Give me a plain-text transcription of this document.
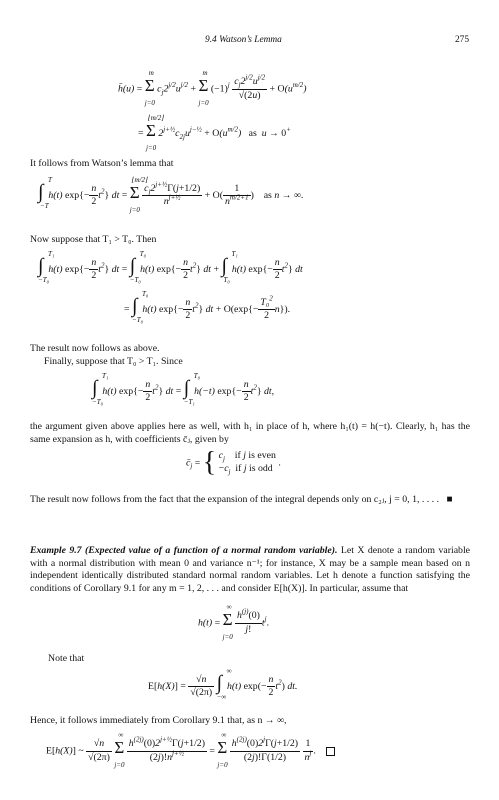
9.4 Watson’s Lemma	275
h̄(u) =
m
Σ
j=0
$c_j2^{j/2}u^{j/2}$ +
m
Σ
j=0
$(-1)^j \frac{c_j2^{j/2}u^{j/2}}{√(2u)} + O(u^{m/2})$
=
⌊m/2⌋
Σ
j=0
$2^{j+\frac{1}{2}}c_{2j}u^{j-\frac{1}{2}} + O(u^{m/2})$   as  u → 0+
It follows from Watson’s lemma that
T
∫
−T
h(t) $\exp\{- \frac{n}{2} t^2\}$ dt =
⌊m/2⌋
Σ
j=0

$\frac{c_j2^{j+\frac{1}{2}}\Gamma(j+1/2)}{n^{j+\frac{1}{2}}} + O( \frac{1}{n^{m/2+1}}$ ) as n → ∞.
Now suppose that T₁ > T₀. Then
T₁
∫
−T₀
h(t) $\exp\{- \frac{n}{2} t^2\}$ dt =
T₀
∫
−T₀
h(t) $\exp\{- \frac{n}{2} t^2\}$ dt +
T₁
∫
T₀
h(t) $\exp\{- \frac{n}{2} t^2\}$ dt
=
T₀
∫
−T₀
h(t) $\exp\{- \frac{n}{2} t^2\}$ dt + $O(\exp\{- \frac{T_0^2}{2} n\})$.
The result now follows as above.
Finally, suppose that T₀ > T₁. Since
T₁
∫
−T₀
h(t) $\exp\{- \frac{n}{2} t^2\}$ dt =
T₀
∫
−T₁
h(−t) $\exp\{- \frac{n}{2} t^2\}$ dt,
the argument given above applies here as well, with h₁ in place of h, where h₁(t) = h(−t). Clearly, h₁ has the same expansion as h, with coefficients c̄ⱼ, given by
$c̄_j$ = { $c_j$ if j is even
$-c_j$ if j is odd
.
The result now follows from the fact that the expansion of the integral depends only on c₂ⱼ, j = 0, 1, . . . .   ■
Example 9.7 (Expected value of a function of a normal random variable). Let X denote a random variable with a normal distribution with mean 0 and variance n⁻¹; for instance, X may be a sample mean based on n independent identically distributed standard normal random variables. Let h denote a function satisfying the conditions of Corollary 9.1 for any m = 1, 2, . . . and consider E[h(X)]. In particular, assume that
h(t) =
∞
Σ
j=0

$\frac{h^{(j)}(0)}{j!} t^j$.
Note that
$E[h(X)] = \frac{√n}{√(2\pi)}$

∞
∫
−∞
h(t) $\exp(- \frac{n}{2} t^2)$ dt.
Hence, it follows immediately from Corollary 9.1 that, as n → ∞,
E[h(X)] ~ $\frac{√n}{√(2\pi)}$

∞
Σ
j=0

$\frac{h^{(2j)}(0)2^{j+\frac{1}{2}}\Gamma(j+1/2)}{(2j)!n^{j+\frac{1}{2}}}$ =
∞
Σ
j=0

$\frac{h^{(2j)}(0)2^j\Gamma(j+1/2)}{(2j)!\Gamma(1/2)}$
$\frac{1}{n^j}$ .
